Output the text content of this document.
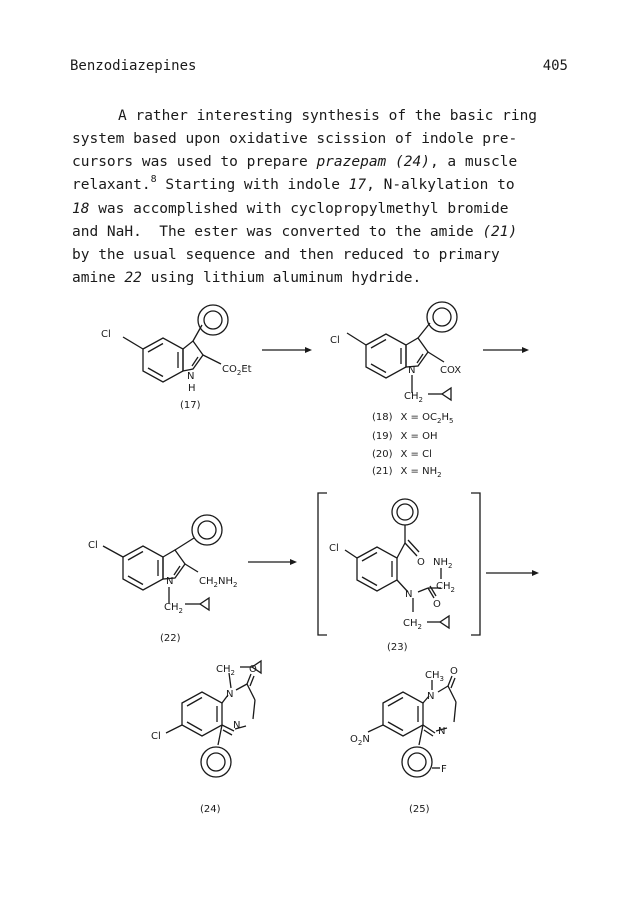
Benzodiazepines	405
A rather interesting synthesis of the basic ring
system based upon oxidative scission of indole pre-
cursors was used to prepare prazepam (24), a muscle
relaxant.$^8$ Starting with indole 17, N-alkylation to
18 was accomplished with cyclopropylmethyl bromide
and NaH.  The ester was converted to the amide (21)
by the usual sequence and then reduced to primary
amine 22 using lithium aluminum hydride.
Cl
N
H
$CO_2Et$
(17)
Cl
N COX
$CH_2$
(18) $X = OC_2H_5$
(19) X = OH
(20) X = Cl
(21) $X = NH_2$
Cl
N	$CH_2NH_2$
$CH_2$
(22)
Cl
O $NH_2$
$CH_2$
N
O
$CH_2$
(23)
$CH_2$
N
O
N
Cl
(24)
$CH_3$
N
O
N
$O_2N$
F
(25)
